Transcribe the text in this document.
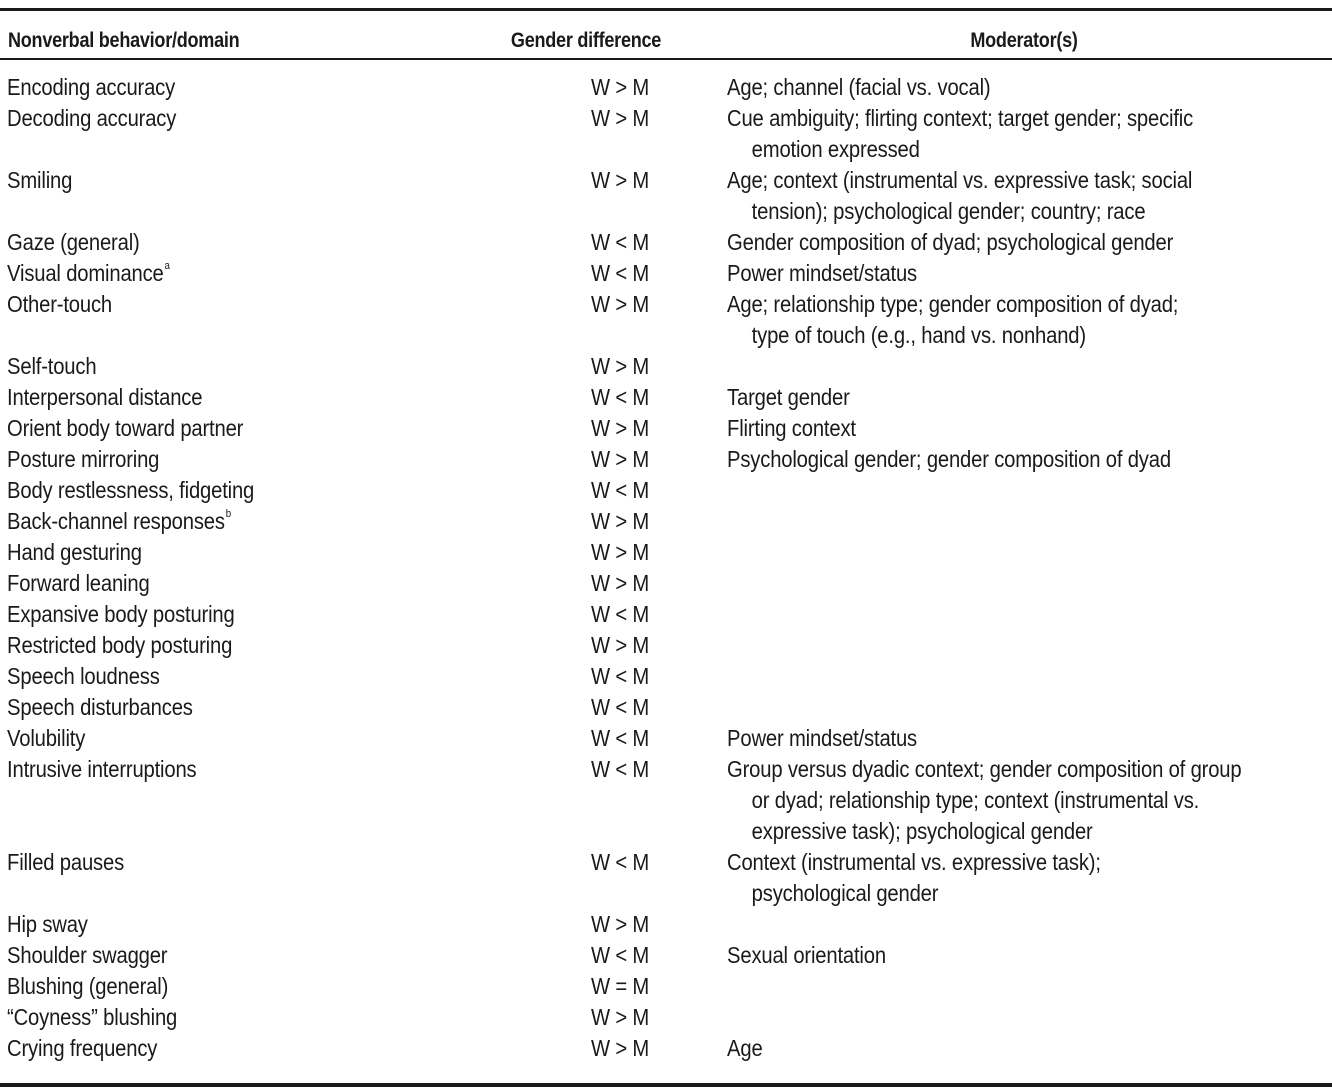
Nonverbal behavior/domain	Gender difference	Moderator(s)
Encoding accuracy	W > M	Age; channel (facial vs. vocal)
Decoding accuracy	W > M	Cue ambiguity; flirting context; target gender; specific
emotion expressed
Smiling	W > M	Age; context (instrumental vs. expressive task; social
tension); psychological gender; country; race
Gaze (general)	W < M	Gender composition of dyad; psychological gender
Visual dominance$^a$	W < M	Power mindset/status
Other-touch	W > M	Age; relationship type; gender composition of dyad;
type of touch (e.g., hand vs. nonhand)
Self-touch	W > M
Interpersonal distance	W < M	Target gender
Orient body toward partner	W > M	Flirting context
Posture mirroring	W > M	Psychological gender; gender composition of dyad
Body restlessness, fidgeting	W < M
Back-channel responses$^b$	W > M
Hand gesturing	W > M
Forward leaning	W > M
Expansive body posturing	W < M
Restricted body posturing	W > M
Speech loudness	W < M
Speech disturbances	W < M
Volubility	W < M	Power mindset/status
Intrusive interruptions	W < M	Group versus dyadic context; gender composition of group
or dyad; relationship type; context (instrumental vs.
expressive task); psychological gender
Filled pauses	W < M	Context (instrumental vs. expressive task);
psychological gender
Hip sway	W > M
Shoulder swagger	W < M	Sexual orientation
Blushing (general)	W = M
“Coyness” blushing	W > M
Crying frequency	W > M	Age
